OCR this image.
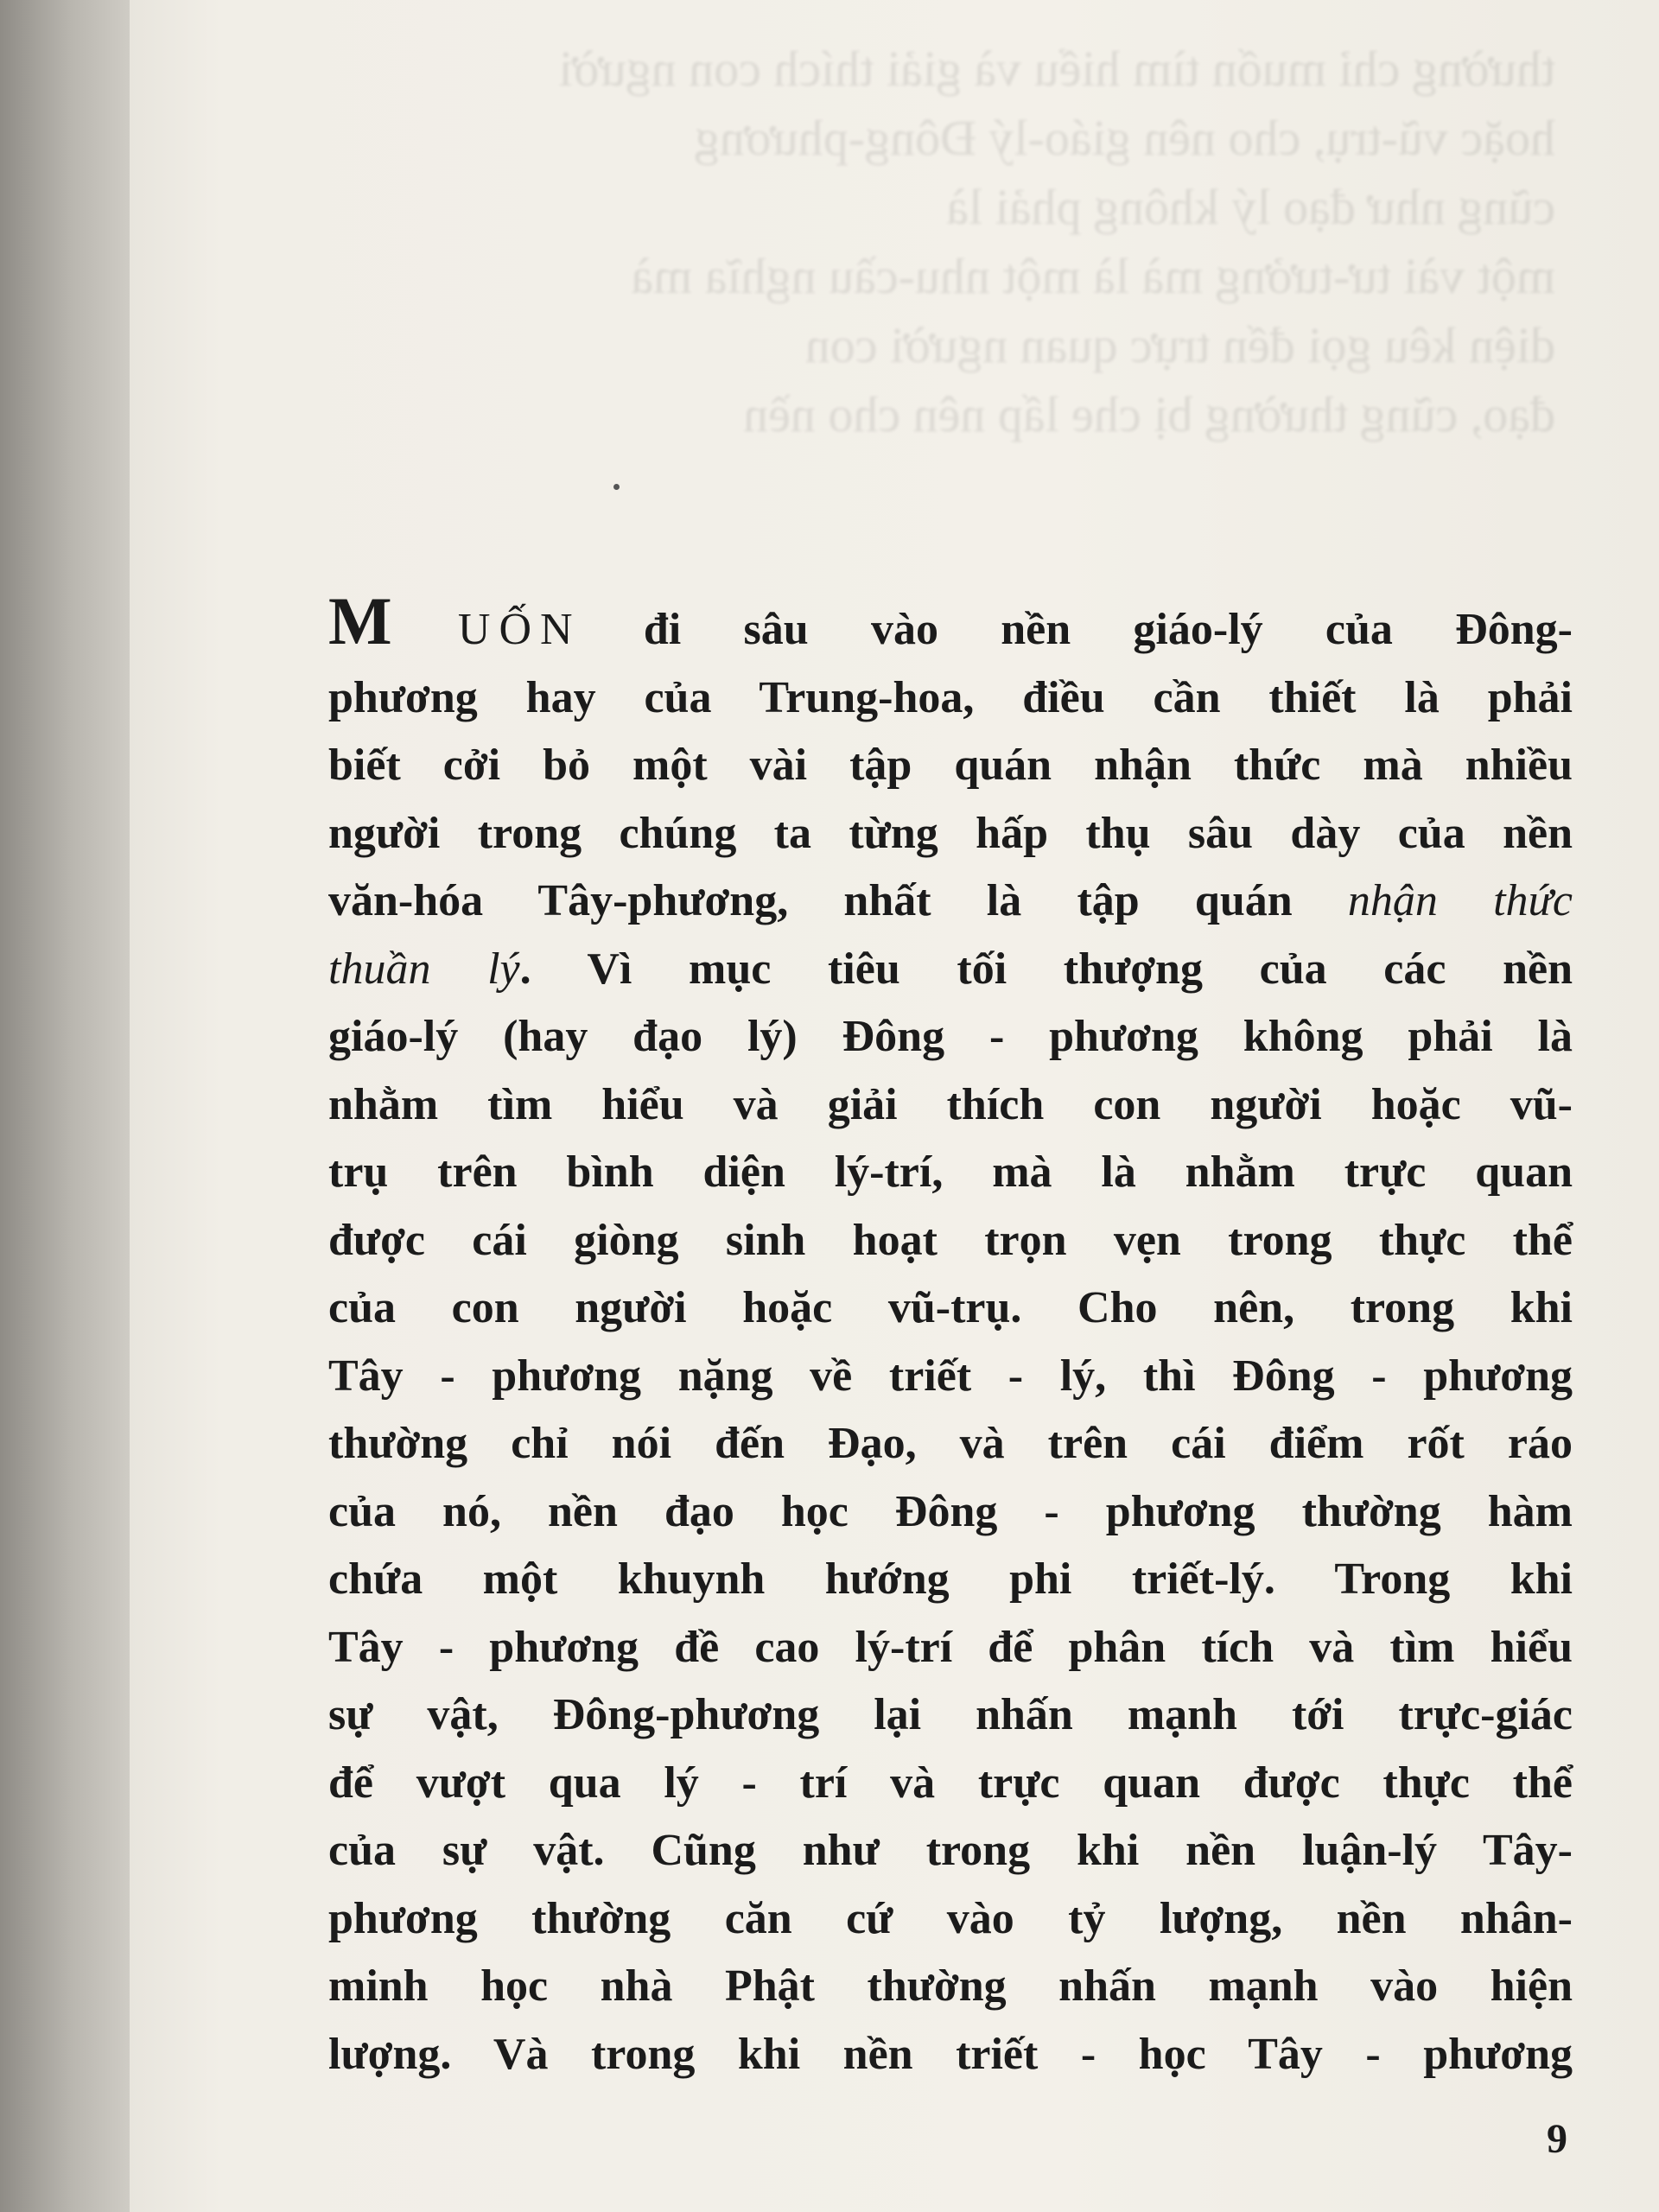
thường chỉ muốn tìm hiểu và giải thích con người
hoặc vũ-trụ, cho nên giáo-lý Đông-phương
cũng như đạo lý không phải là
một vài tư-tưởng mà là một nhu-cầu nghĩa mà
diện kêu gọi đến trực quan người con
đạo, cũng thường bị che lấp nên cho nền
M UỐN đi sâu vào nền giáo-lý của Đông-
phương hay của Trung-hoa, điều cần thiết là phải
biết cởi bỏ một vài tập quán nhận thức mà nhiều
người trong chúng ta từng hấp thụ sâu dày của nền
văn-hóa Tây-phương, nhất là tập quán nhận thức
thuần lý. Vì mục tiêu tối thượng của các nền
giáo-lý (hay đạo lý) Đông - phương không phải là
nhằm tìm hiểu và giải thích con người hoặc vũ-
trụ trên bình diện lý-trí, mà là nhằm trực quan
được cái giòng sinh hoạt trọn vẹn trong thực thể
của con người hoặc vũ-trụ. Cho nên, trong khi
Tây - phương nặng về triết - lý, thì Đông - phương
thường chỉ nói đến Đạo, và trên cái điểm rốt ráo
của nó, nền đạo học Đông - phương thường hàm
chứa một khuynh hướng phi triết-lý. Trong khi
Tây - phương đề cao lý-trí để phân tích và tìm hiểu
sự vật, Đông-phương lại nhấn mạnh tới trực-giác
để vượt qua lý - trí và trực quan được thực thể
của sự vật. Cũng như trong khi nền luận-lý Tây-
phương thường căn cứ vào tỷ lượng, nền nhân-
minh học nhà Phật thường nhấn mạnh vào hiện
lượng. Và trong khi nền triết - học Tây - phương
9
